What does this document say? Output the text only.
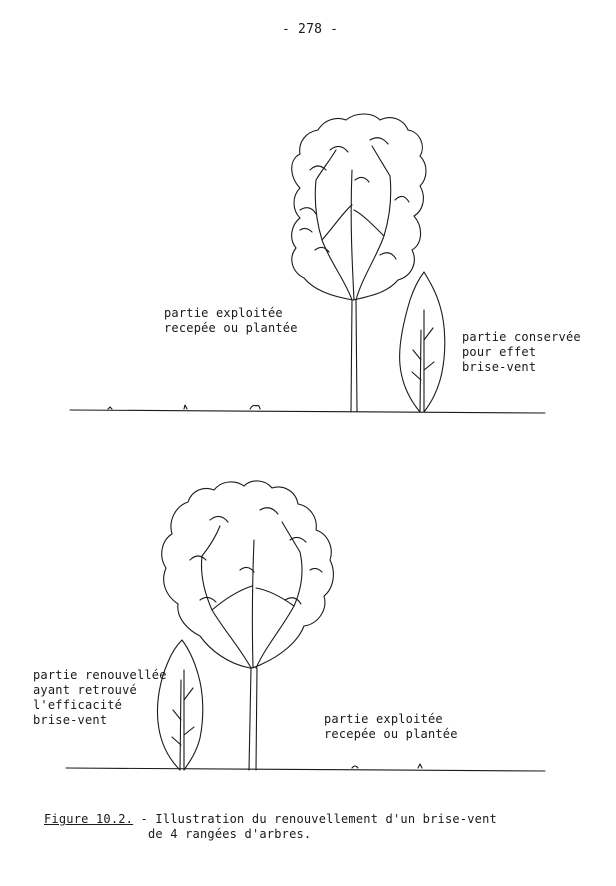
- 278 -
partie exploitée
recepée ou plantée
partie conservée
pour effet
brise-vent
partie renouvellée
ayant retrouvé
l'efficacité
brise-vent	partie exploitée
recepée ou plantée
Figure 10.2. - Illustration du renouvellement d'un brise-vent
de 4 rangées d'arbres.
